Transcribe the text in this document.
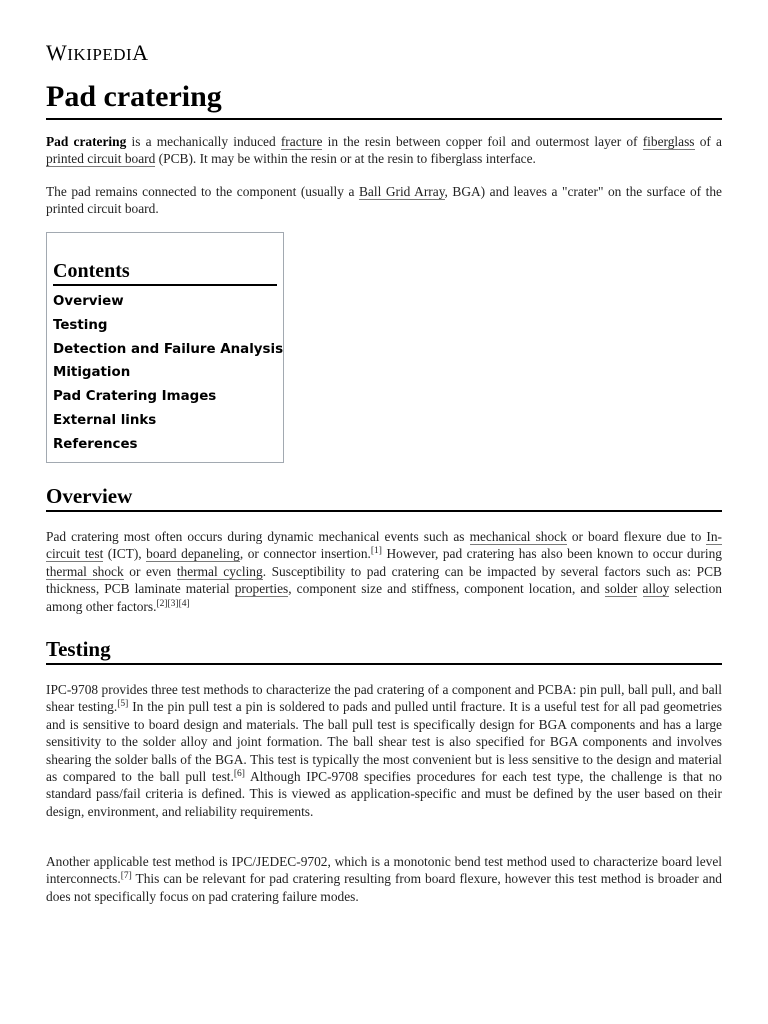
WIKIPEDIA
Pad cratering

Pad cratering is a mechanically induced fracture in the resin between copper foil and outermost layer of fiberglass of a printed circuit board (PCB). It may be within the resin or at the resin to fiberglass interface.

The pad remains connected to the component (usually a Ball Grid Array, BGA) and leaves a "crater" on the surface of the printed circuit board.

Contents
Overview
Testing
Detection and Failure Analysis
Mitigation
Pad Cratering Images
External links
References
Overview

Pad cratering most often occurs during dynamic mechanical events such as mechanical shock or board flexure due to In-circuit test (ICT), board depaneling, or connector insertion.[1] However, pad cratering has also been known to occur during thermal shock or even thermal cycling. Susceptibility to pad cratering can be impacted by several factors such as: PCB thickness, PCB laminate material properties, component size and stiffness, component location, and solder alloy selection among other factors.[2][3][4]

Testing

IPC-9708 provides three test methods to characterize the pad cratering of a component and PCBA: pin pull, ball pull, and ball shear testing.[5] In the pin pull test a pin is soldered to pads and pulled until fracture. It is a useful test for all pad geometries and is sensitive to board design and materials. The ball pull test is specifically design for BGA components and has a large sensitivity to the solder alloy and joint formation. The ball shear test is also specified for BGA components and involves shearing the solder balls of the BGA. This test is typically the most convenient but is less sensitive to the design and material as compared to the ball pull test.[6] Although IPC-9708 specifies procedures for each test type, the challenge is that no standard pass/fail criteria is defined. This is viewed as application-specific and must be defined by the user based on their design, environment, and reliability requirements.

Another applicable test method is IPC/JEDEC-9702, which is a monotonic bend test method used to characterize board level interconnects.[7] This can be relevant for pad cratering resulting from board flexure, however this test method is broader and does not specifically focus on pad cratering failure modes.
